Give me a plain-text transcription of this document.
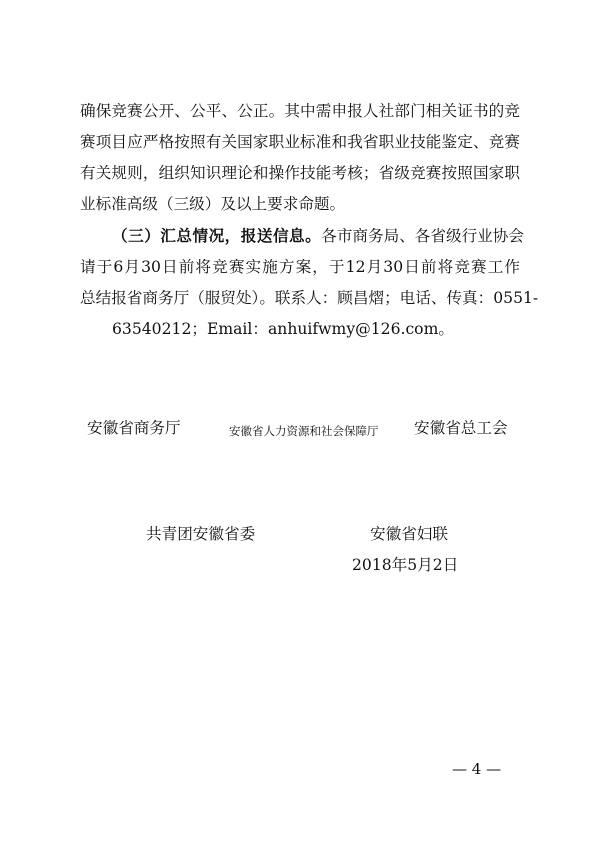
确保竞赛公开、公平、公正。其中需申报人社部门相关证书的竞
赛项目应严格按照有关国家职业标准和我省职业技能鉴定、竞赛
有关规则，组织知识理论和操作技能考核；省级竞赛按照国家职
业标准高级（三级）及以上要求命题。
（三）汇总情况，报送信息。各市商务局、各省级行业协会
请于6月30日前将竞赛实施方案，于12月30日前将竞赛工作
总结报省商务厅（服贸处）。联系人：顾昌熠；电话、传真：0551-
63540212；Email：anhuifwmy@126.com。
安徽省商务厅	安徽省人力资源和社会保障厅 安徽省总工会
共青团安徽省委	安徽省妇联
2018年5月2日
— 4 —
